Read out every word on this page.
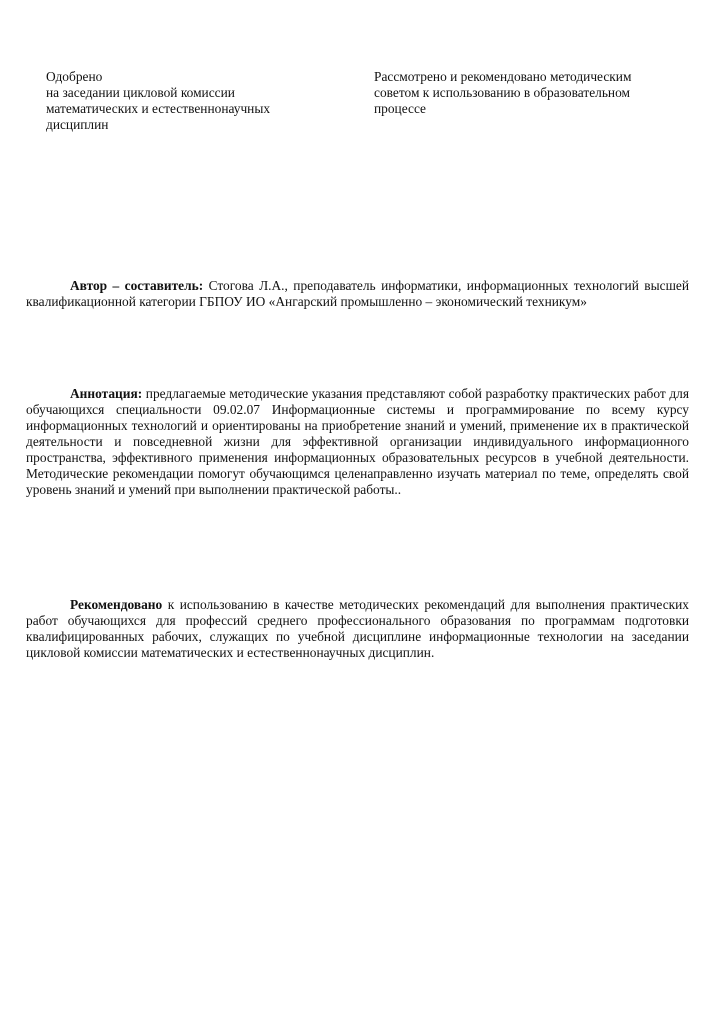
Одобрено
на заседании цикловой комиссии
математических и естественнонаучных
дисциплин
Рассмотрено и рекомендовано методическим
советом к использованию в образовательном
процессе

Автор – составитель: Стогова Л.А., преподаватель информатики, информационных технологий высшей квалификационной категории ГБПОУ ИО «Ангарский промышленно – экономический техникум»

Аннотация: предлагаемые методические указания представляют собой разработку практических работ для обучающихся специальности 09.02.07 Информационные системы и программирование по всему курсу информационных технологий и ориентированы на приобретение знаний и умений, применение их в практической деятельности и повседневной жизни для эффективной организации индивидуального информационного пространства, эффективного применения информационных образовательных ресурсов в учебной деятельности. Методические рекомендации помогут обучающимся целенаправленно изучать материал по теме, определять свой уровень знаний и умений при выполнении практической работы..

Рекомендовано к использованию в качестве методических рекомендаций для выполнения практических работ обучающихся для профессий среднего профессионального образования по программам подготовки квалифицированных рабочих, служащих по учебной дисциплине информационные технологии на заседании цикловой комиссии математических и естественнонаучных дисциплин.
